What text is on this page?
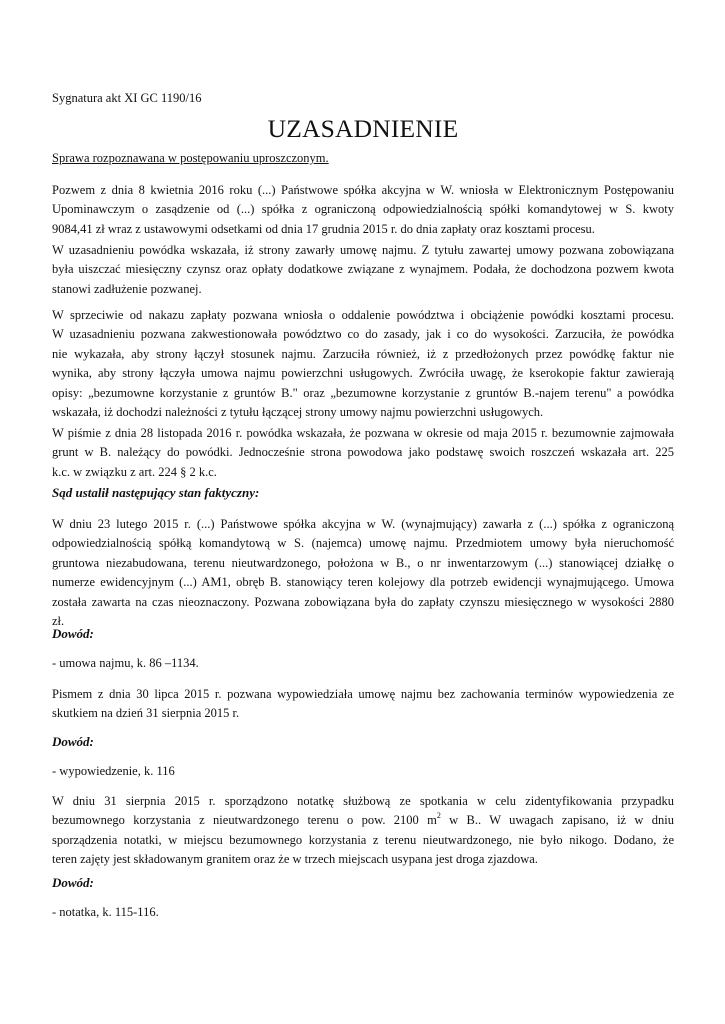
Sygnatura akt XI GC 1190/16
UZASADNIENIE
Sprawa rozpoznawana w postępowaniu uproszczonym.
Pozwem z dnia 8 kwietnia 2016 roku (...) Państwowe spółka akcyjna w W. wniosła w Elektronicznym Postępowaniu
Upominawczym o zasądzenie od (...) spółka z ograniczoną odpowiedzialnością spółki komandytowej w S. kwoty
9084,41 zł wraz z ustawowymi odsetkami od dnia 17 grudnia 2015 r. do dnia zapłaty oraz kosztami procesu.
W uzasadnieniu powódka wskazała, iż strony zawarły umowę najmu. Z tytułu zawartej umowy pozwana zobowiązana
była uiszczać miesięczny czynsz oraz opłaty dodatkowe związane z wynajmem. Podała, że dochodzona pozwem kwota
stanowi zadłużenie pozwanej.
W sprzeciwie od nakazu zapłaty pozwana wniosła o oddalenie powództwa i obciążenie powódki kosztami procesu.
W uzasadnieniu pozwana zakwestionowała powództwo co do zasady, jak i co do wysokości. Zarzuciła, że powódka
nie wykazała, aby strony łączył stosunek najmu. Zarzuciła również, iż z przedłożonych przez powódkę faktur nie
wynika, aby strony łączyła umowa najmu powierzchni usługowych. Zwróciła uwagę, że kserokopie faktur zawierają
opisy: „bezumowne korzystanie z gruntów B." oraz „bezumowne korzystanie z gruntów B.-najem terenu" a powódka
wskazała, iż dochodzi należności z tytułu łączącej strony umowy najmu powierzchni usługowych.
W piśmie z dnia 28 listopada 2016 r. powódka wskazała, że pozwana w okresie od maja 2015 r. bezumownie zajmowała
grunt w B. należący do powódki. Jednocześnie strona powodowa jako podstawę swoich roszczeń wskazała art. 225
k.c. w związku z art. 224 § 2 k.c.
Sąd ustalił następujący stan faktyczny:
W dniu 23 lutego 2015 r. (...) Państwowe spółka akcyjna w W. (wynajmujący) zawarła z (...) spółka z ograniczoną
odpowiedzialnością spółką komandytową w S. (najemca) umowę najmu. Przedmiotem umowy była nieruchomość
gruntowa niezabudowana, terenu nieutwardzonego, położona w B., o nr inwentarzowym (...) stanowiącej działkę o
numerze ewidencyjnym (...) AM1, obręb B. stanowiący teren kolejowy dla potrzeb ewidencji wynajmującego. Umowa
została zawarta na czas nieoznaczony. Pozwana zobowiązana była do zapłaty czynszu miesięcznego w wysokości 2880
zł.
Dowód:
- umowa najmu, k. 86 –1134.
Pismem z dnia 30 lipca 2015 r. pozwana wypowiedziała umowę najmu bez zachowania terminów wypowiedzenia ze
skutkiem na dzień 31 sierpnia 2015 r.
Dowód:
- wypowiedzenie, k. 116
W dniu 31 sierpnia 2015 r. sporządzono notatkę służbową ze spotkania w celu zidentyfikowania przypadku
bezumownego korzystania z nieutwardzonego terenu o pow. 2100 $m^2$ w B.. W uwagach zapisano, iż w dniu
sporządzenia notatki, w miejscu bezumownego korzystania z terenu nieutwardzonego, nie było nikogo. Dodano, że
teren zajęty jest składowanym granitem oraz że w trzech miejscach usypana jest droga zjazdowa.
Dowód:
- notatka, k. 115-116.
